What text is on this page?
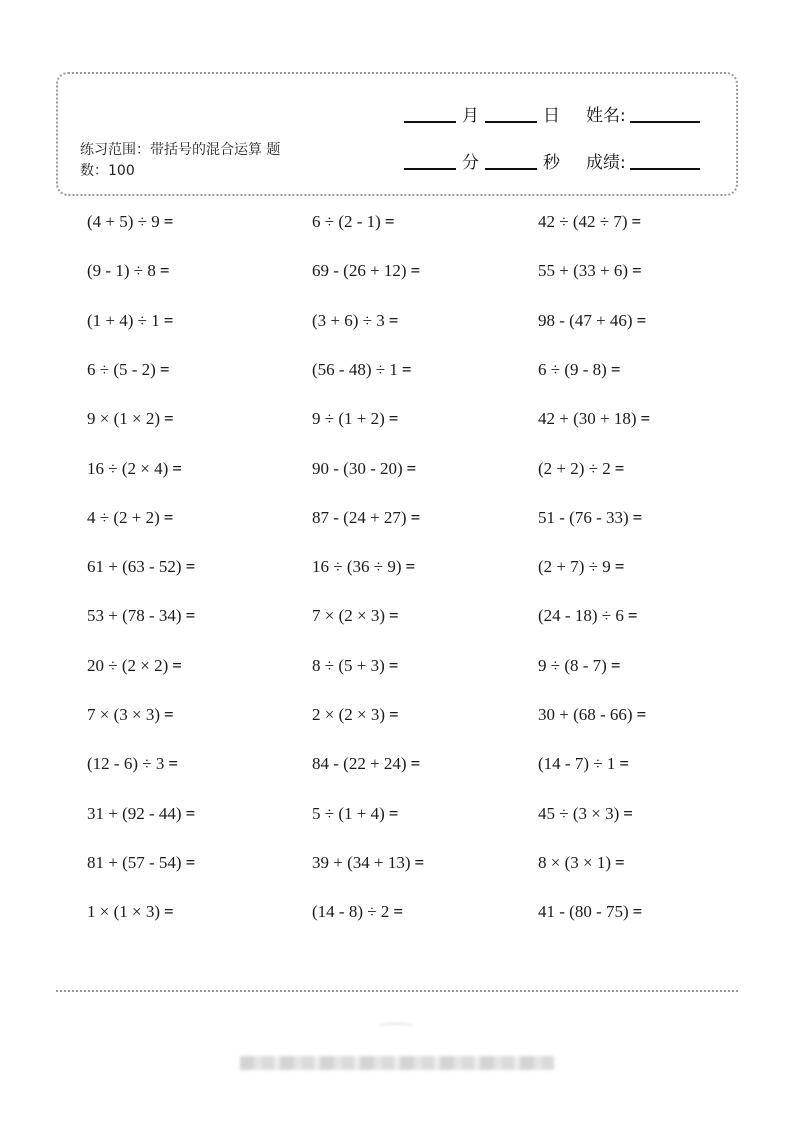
练习范围：带括号的混合运算 题数：100
月	日 姓名:
分	秒 成绩:
(4 + 5) ÷ 9 =	6 ÷ (2 - 1) =	42 ÷ (42 ÷ 7) =
(9 - 1) ÷ 8 =	69 - (26 + 12) =	55 + (33 + 6) =
(1 + 4) ÷ 1 =	(3 + 6) ÷ 3 =	98 - (47 + 46) =
6 ÷ (5 - 2) =	(56 - 48) ÷ 1 =	6 ÷ (9 - 8) =
9 × (1 × 2) =	9 ÷ (1 + 2) =	42 + (30 + 18) =
16 ÷ (2 × 4) =	90 - (30 - 20) =	(2 + 2) ÷ 2 =
4 ÷ (2 + 2) =	87 - (24 + 27) =	51 - (76 - 33) =
61 + (63 - 52) =	16 ÷ (36 ÷ 9) =	(2 + 7) ÷ 9 =
53 + (78 - 34) =	7 × (2 × 3) =	(24 - 18) ÷ 6 =
20 ÷ (2 × 2) =	8 ÷ (5 + 3) =	9 ÷ (8 - 7) =
7 × (3 × 3) =	2 × (2 × 3) =	30 + (68 - 66) =
(12 - 6) ÷ 3 =	84 - (22 + 24) =	(14 - 7) ÷ 1 =
31 + (92 - 44) =	5 ÷ (1 + 4) =	45 ÷ (3 × 3) =
81 + (57 - 54) =	39 + (34 + 13) =	8 × (3 × 1) =
1 × (1 × 3) =	(14 - 8) ÷ 2 =	41 - (80 - 75) =
